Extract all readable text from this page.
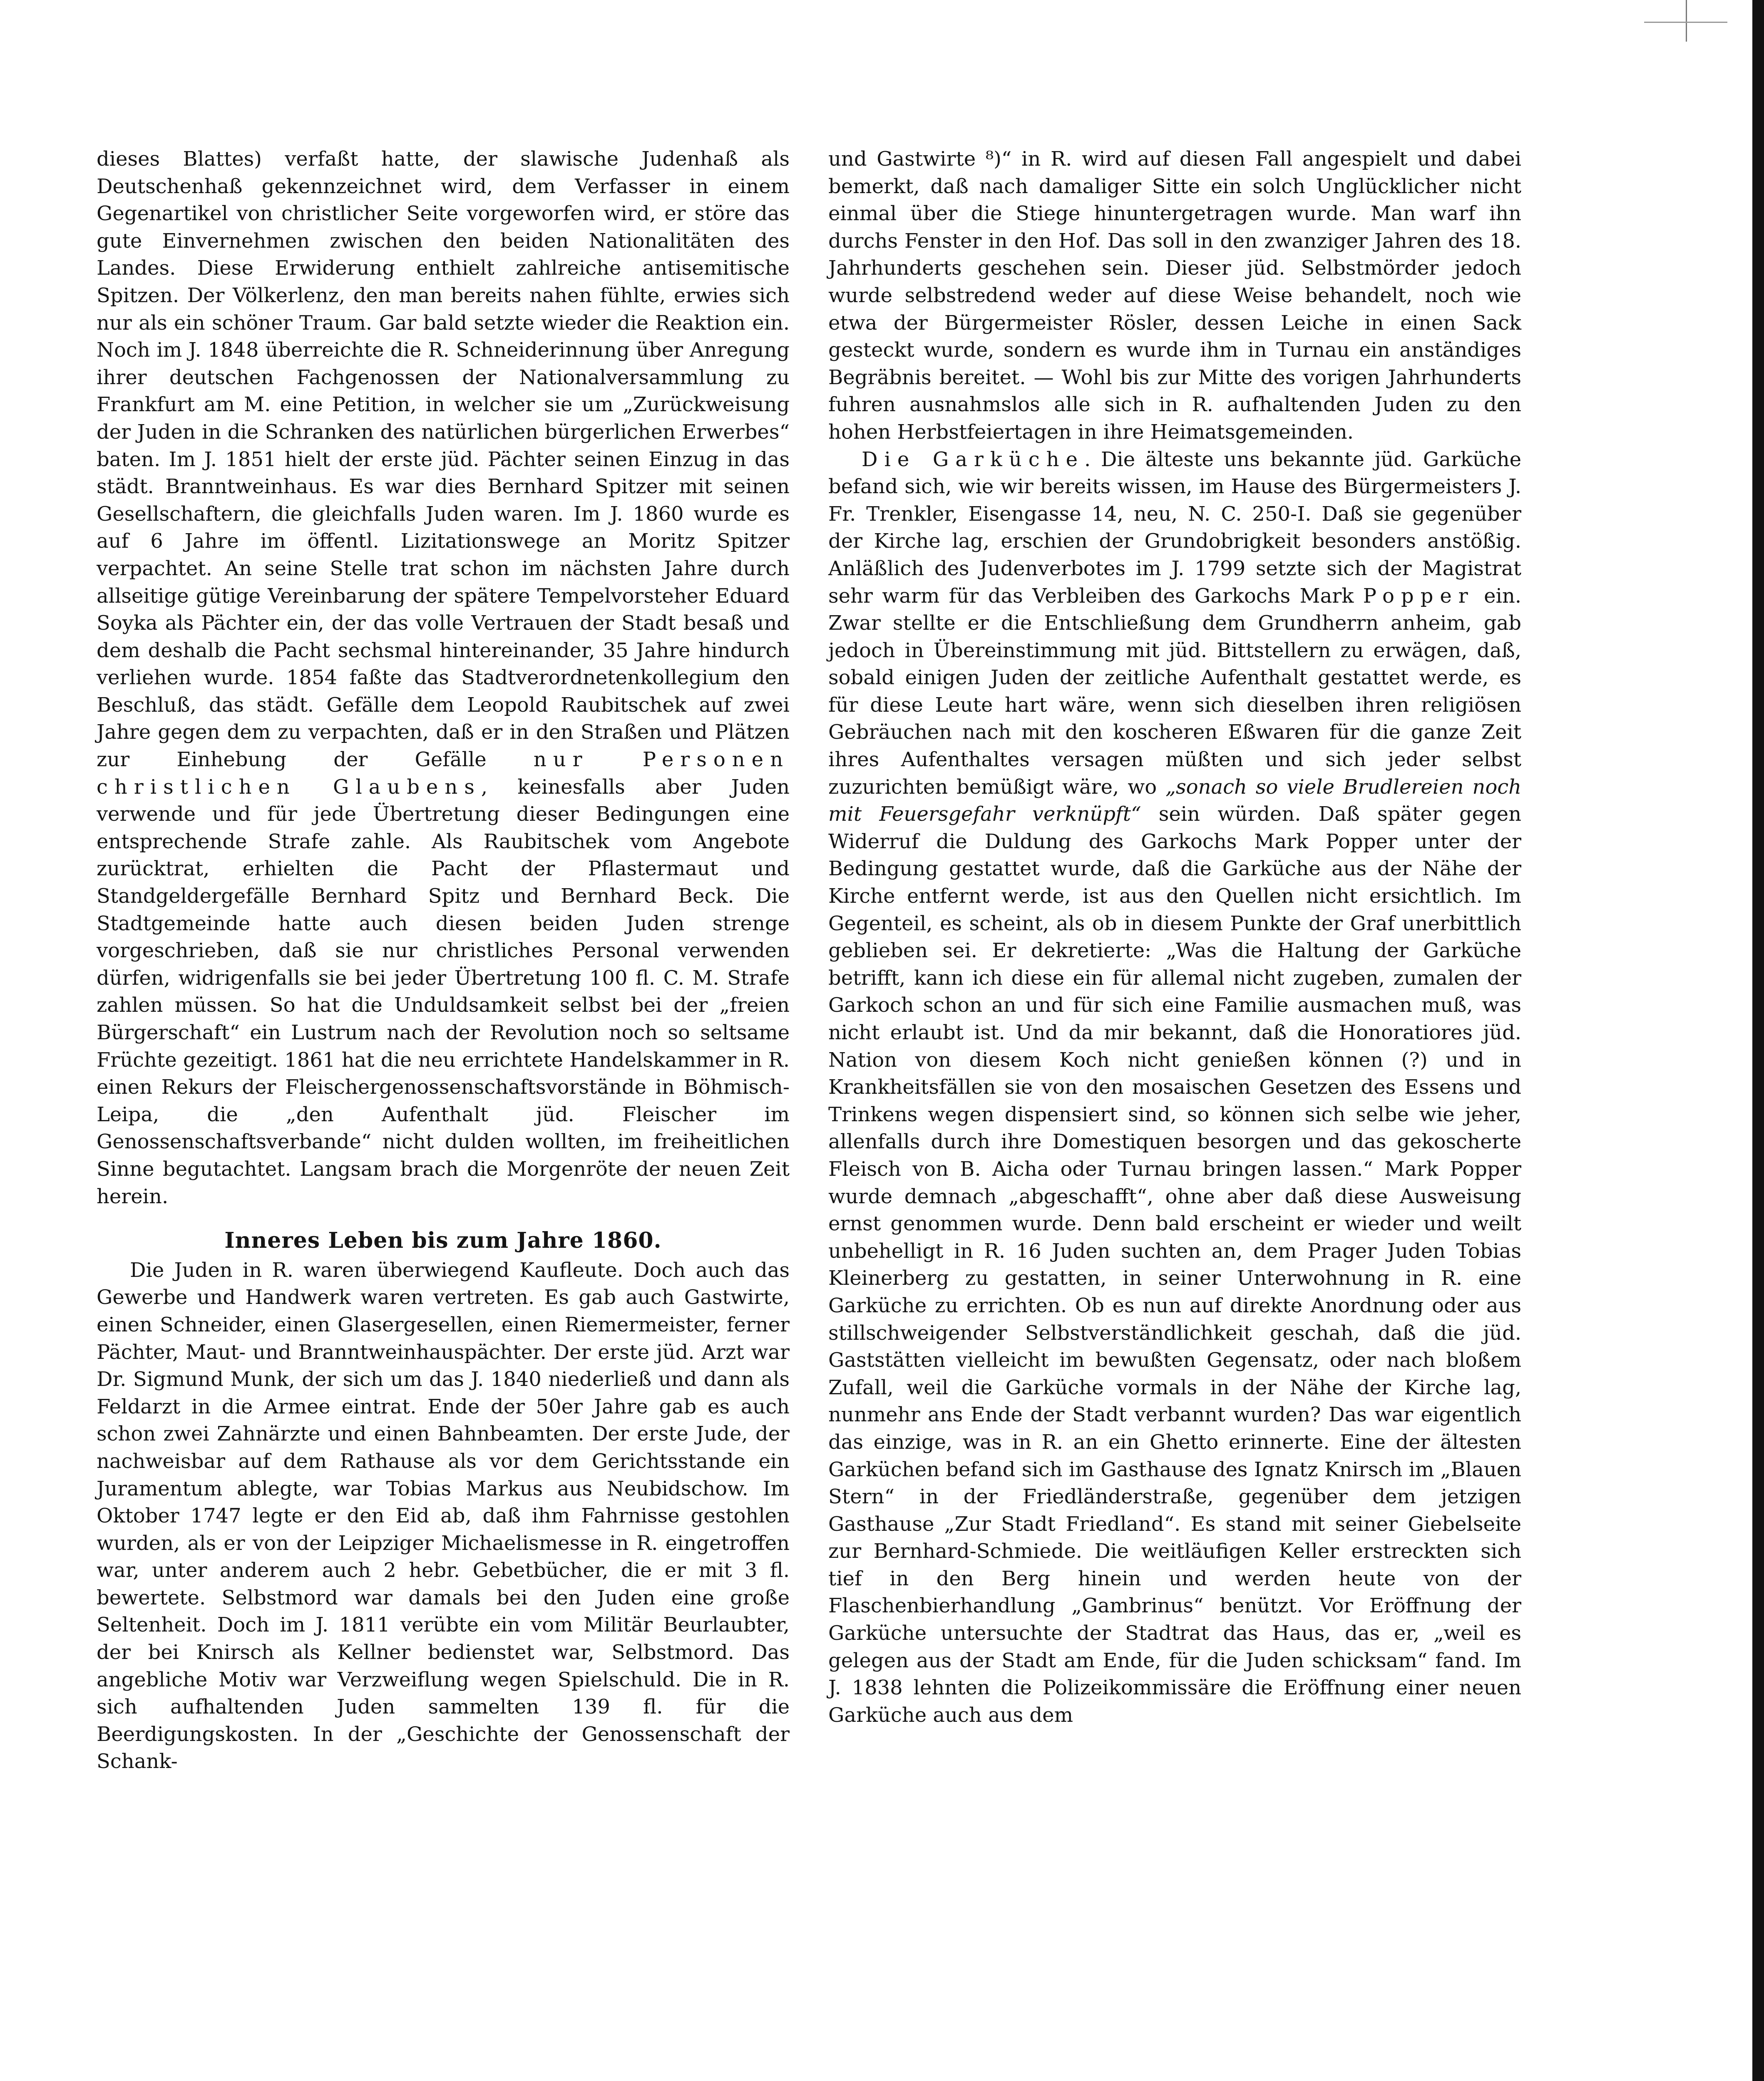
dieses Blattes) verfaßt hatte, der slawische Judenhaß als Deutschenhaß gekennzeichnet wird, dem Verfasser in einem Gegenartikel von christlicher Seite vorgeworfen wird, er störe das gute Einvernehmen zwischen den beiden Nationalitäten des Landes. Diese Erwiderung enthielt zahlreiche antisemitische Spitzen. Der Völkerlenz, den man bereits nahen fühlte, erwies sich nur als ein schöner Traum. Gar bald setzte wieder die Reaktion ein. Noch im J. 1848 überreichte die R. Schneiderinnung über Anregung ihrer deutschen Fachgenossen der Nationalversammlung zu Frankfurt am M. eine Petition, in welcher sie um „Zurückweisung der Juden in die Schranken des natürlichen bürgerlichen Erwerbes“ baten. Im J. 1851 hielt der erste jüd. Pächter seinen Einzug in das städt. Branntweinhaus. Es war dies Bernhard Spitzer mit seinen Gesellschaftern, die gleichfalls Juden waren. Im J. 1860 wurde es auf 6 Jahre im öffentl. Lizitationswege an Moritz Spitzer verpachtet. An seine Stelle trat schon im nächsten Jahre durch allseitige gütige Vereinbarung der spätere Tempelvorsteher Eduard Soyka als Pächter ein, der das volle Vertrauen der Stadt besaß und dem deshalb die Pacht sechsmal hintereinander, 35 Jahre hindurch verliehen wurde. 1854 faßte das Stadtverordnetenkollegium den Beschluß, das städt. Gefälle dem Leopold Raubitschek auf zwei Jahre gegen dem zu verpachten, daß er in den Straßen und Plätzen zur Einhebung der Gefälle nur Personen christlichen Glaubens, keinesfalls aber Juden verwende und für jede Übertretung dieser Bedingungen eine entsprechende Strafe zahle. Als Raubitschek vom Angebote zurücktrat, erhielten die Pacht der Pflastermaut und Standgeldergefälle Bernhard Spitz und Bernhard Beck. Die Stadtgemeinde hatte auch diesen beiden Juden strenge vorgeschrieben, daß sie nur christliches Personal verwenden dürfen, widrigenfalls sie bei jeder Übertretung 100 fl. C. M. Strafe zahlen müssen. So hat die Unduldsamkeit selbst bei der „freien Bürgerschaft“ ein Lustrum nach der Revolution noch so seltsame Früchte gezeitigt. 1861 hat die neu errichtete Handelskammer in R. einen Rekurs der Fleischergenossenschaftsvorstände in Böhmisch-Leipa, die „den Aufenthalt jüd. Fleischer im Genossenschaftsverbande“ nicht dulden wollten, im freiheitlichen Sinne begutachtet. Langsam brach die Morgenröte der neuen Zeit herein.

Inneres Leben bis zum Jahre 1860.

Die Juden in R. waren überwiegend Kaufleute. Doch auch das Gewerbe und Handwerk waren vertreten. Es gab auch Gastwirte, einen Schneider, einen Glasergesellen, einen Riemermeister, ferner Pächter, Maut- und Branntweinhauspächter. Der erste jüd. Arzt war Dr. Sigmund Munk, der sich um das J. 1840 niederließ und dann als Feldarzt in die Armee eintrat. Ende der 50er Jahre gab es auch schon zwei Zahnärzte und einen Bahnbeamten. Der erste Jude, der nachweisbar auf dem Rathause als vor dem Gerichtsstande ein Juramentum ablegte, war Tobias Markus aus Neubidschow. Im Oktober 1747 legte er den Eid ab, daß ihm Fahrnisse gestohlen wurden, als er von der Leipziger Michaelismesse in R. eingetroffen war, unter anderem auch 2 hebr. Gebetbücher, die er mit 3 fl. bewertete. Selbstmord war damals bei den Juden eine große Seltenheit. Doch im J. 1811 verübte ein vom Militär Beurlaubter, der bei Knirsch als Kellner bedienstet war, Selbstmord. Das angebliche Motiv war Verzweiflung wegen Spielschuld. Die in R. sich aufhaltenden Juden sammelten 139 fl. für die Beerdigungskosten. In der „Geschichte der Genossenschaft der Schank-

und Gastwirte ⁸)“ in R. wird auf diesen Fall angespielt und dabei bemerkt, daß nach damaliger Sitte ein solch Unglücklicher nicht einmal über die Stiege hinuntergetragen wurde. Man warf ihn durchs Fenster in den Hof. Das soll in den zwanziger Jahren des 18. Jahrhunderts geschehen sein. Dieser jüd. Selbstmörder jedoch wurde selbstredend weder auf diese Weise behandelt, noch wie etwa der Bürgermeister Rösler, dessen Leiche in einen Sack gesteckt wurde, sondern es wurde ihm in Turnau ein anständiges Begräbnis bereitet. — Wohl bis zur Mitte des vorigen Jahrhunderts fuhren ausnahmslos alle sich in R. aufhaltenden Juden zu den hohen Herbstfeiertagen in ihre Heimatsgemeinden.

Die Garküche. Die älteste uns bekannte jüd. Garküche befand sich, wie wir bereits wissen, im Hause des Bürgermeisters J. Fr. Trenkler, Eisengasse 14, neu, N. C. 250-I. Daß sie gegenüber der Kirche lag, erschien der Grundobrigkeit besonders anstößig. Anläßlich des Judenverbotes im J. 1799 setzte sich der Magistrat sehr warm für das Verbleiben des Garkochs Mark Popper ein. Zwar stellte er die Entschließung dem Grundherrn anheim, gab jedoch in Übereinstimmung mit jüd. Bittstellern zu erwägen, daß, sobald einigen Juden der zeitliche Aufenthalt gestattet werde, es für diese Leute hart wäre, wenn sich dieselben ihren religiösen Gebräuchen nach mit den koscheren Eßwaren für die ganze Zeit ihres Aufenthaltes versagen müßten und sich jeder selbst zuzurichten bemüßigt wäre, wo „sonach so viele Brudlereien noch mit Feuersgefahr verknüpft“ sein würden. Daß später gegen Widerruf die Duldung des Garkochs Mark Popper unter der Bedingung gestattet wurde, daß die Garküche aus der Nähe der Kirche entfernt werde, ist aus den Quellen nicht ersichtlich. Im Gegenteil, es scheint, als ob in diesem Punkte der Graf unerbittlich geblieben sei. Er dekretierte: „Was die Haltung der Garküche betrifft, kann ich diese ein für allemal nicht zugeben, zumalen der Garkoch schon an und für sich eine Familie ausmachen muß, was nicht erlaubt ist. Und da mir bekannt, daß die Honoratiores jüd. Nation von diesem Koch nicht genießen können (?) und in Krankheitsfällen sie von den mosaischen Gesetzen des Essens und Trinkens wegen dispensiert sind, so können sich selbe wie jeher, allenfalls durch ihre Domestiquen besorgen und das gekoscherte Fleisch von B. Aicha oder Turnau bringen lassen.“ Mark Popper wurde demnach „abgeschafft“, ohne aber daß diese Ausweisung ernst genommen wurde. Denn bald erscheint er wieder und weilt unbehelligt in R. 16 Juden suchten an, dem Prager Juden Tobias Kleinerberg zu gestatten, in seiner Unterwohnung in R. eine Garküche zu errichten. Ob es nun auf direkte Anordnung oder aus stillschweigender Selbstverständlichkeit geschah, daß die jüd. Gaststätten vielleicht im bewußten Gegensatz, oder nach bloßem Zufall, weil die Garküche vormals in der Nähe der Kirche lag, nunmehr ans Ende der Stadt verbannt wurden? Das war eigentlich das einzige, was in R. an ein Ghetto erinnerte. Eine der ältesten Garküchen befand sich im Gasthause des Ignatz Knirsch im „Blauen Stern“ in der Friedländerstraße, gegenüber dem jetzigen Gasthause „Zur Stadt Friedland“. Es stand mit seiner Giebelseite zur Bernhard-Schmiede. Die weitläufigen Keller erstreckten sich tief in den Berg hinein und werden heute von der Flaschenbierhandlung „Gambrinus“ benützt. Vor Eröffnung der Garküche untersuchte der Stadtrat das Haus, das er, „weil es gelegen aus der Stadt am Ende, für die Juden schicksam“ fand. Im J. 1838 lehnten die Polizeikommissäre die Eröffnung einer neuen Garküche auch aus dem
